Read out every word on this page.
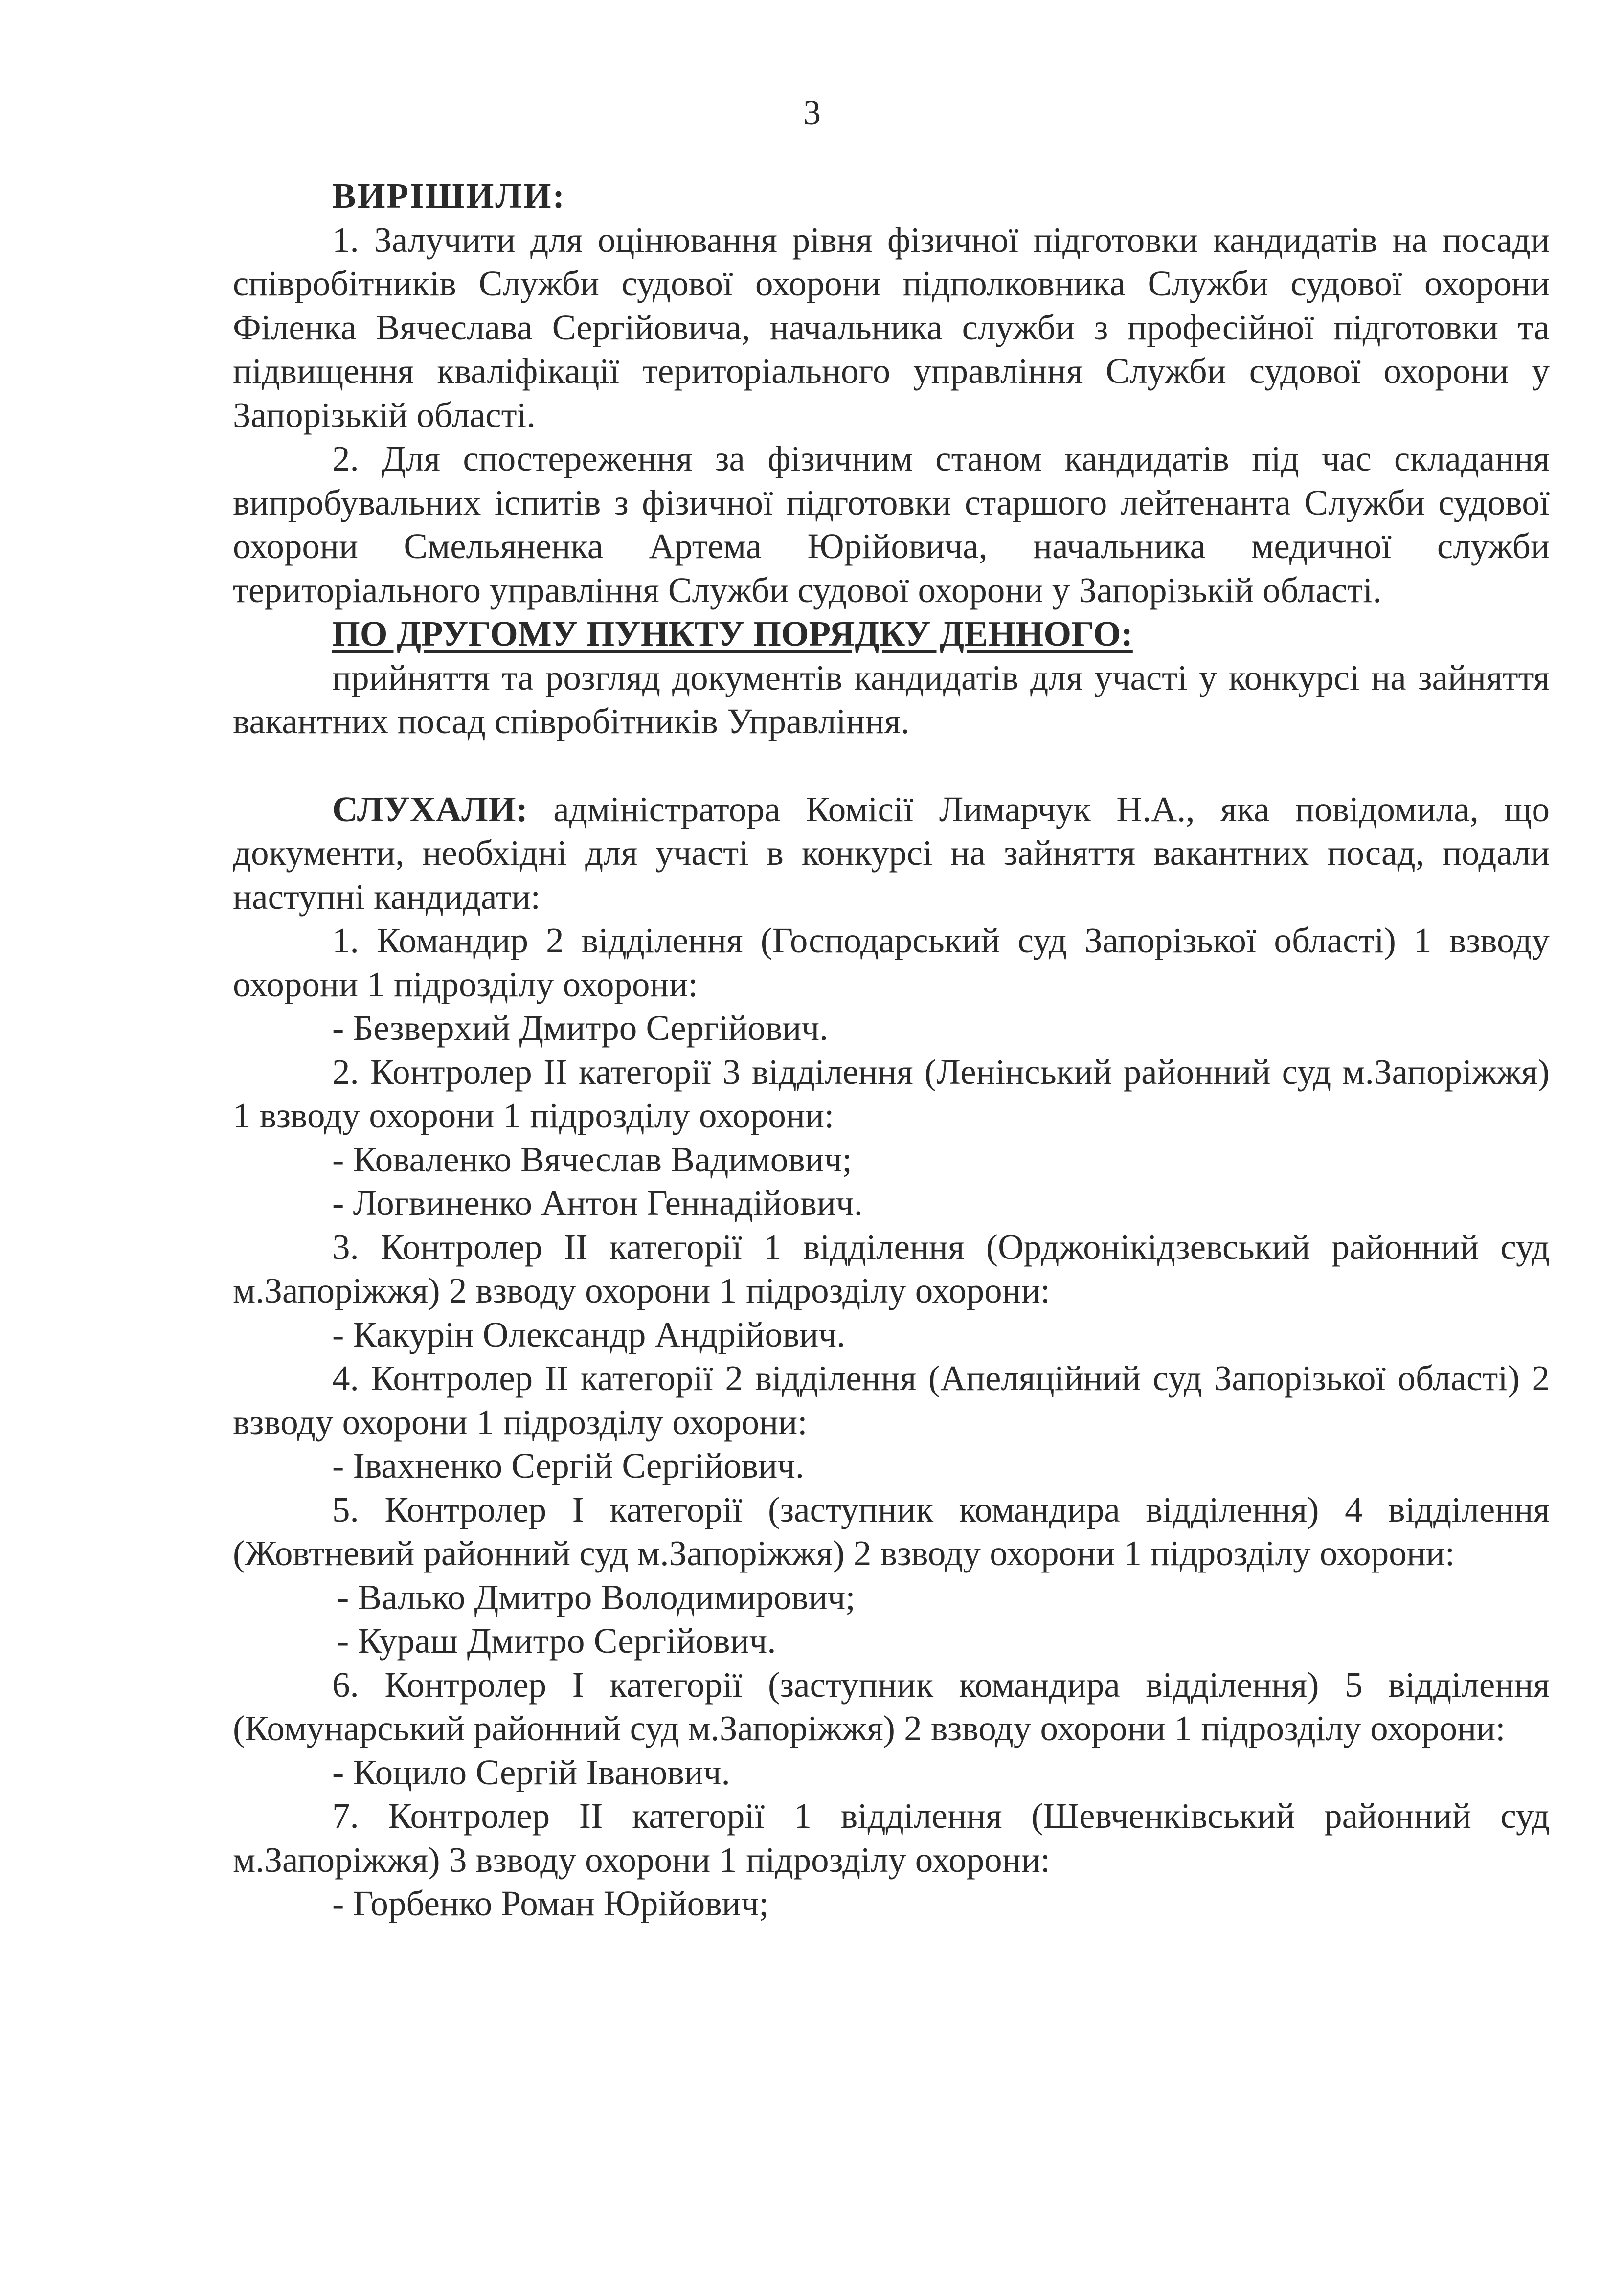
3

ВИРІШИЛИ:

1. Залучити для оцінювання рівня фізичної підготовки кандидатів на посади співробітників Служби судової охорони підполковника Служби судової охорони Філенка Вячеслава Сергійовича, начальника служби з професійної підготовки та підвищення кваліфікації територіального управління Служби судової охорони у Запорізькій області.

2. Для спостереження за фізичним станом кандидатів під час складання випробувальних іспитів з фізичної підготовки старшого лейтенанта Служби судової охорони Смельяненка Артема Юрійовича, начальника медичної служби територіального управління Служби судової охорони у Запорізькій області.

ПО ДРУГОМУ ПУНКТУ ПОРЯДКУ ДЕННОГО:

прийняття та розгляд документів кандидатів для участі у конкурсі на зайняття вакантних посад співробітників Управління.

СЛУХАЛИ: адміністратора Комісії Лимарчук Н.А., яка повідомила, що документи, необхідні для участі в конкурсі на зайняття вакантних посад, подали наступні кандидати:

1. Командир 2 відділення (Господарський суд Запорізької області) 1 взводу охорони 1 підрозділу охорони:

- Безверхий Дмитро Сергійович.

2. Контролер ІІ категорії 3 відділення (Ленінський районний суд м.Запоріжжя) 1 взводу охорони 1 підрозділу охорони:

- Коваленко Вячеслав Вадимович;

- Логвиненко Антон Геннадійович.

3. Контролер ІІ категорії 1 відділення (Орджонікідзевський районний суд м.Запоріжжя) 2 взводу охорони 1 підрозділу охорони:

- Какурін Олександр Андрійович.

4. Контролер ІІ категорії 2 відділення (Апеляційний суд Запорізької області) 2 взводу охорони 1 підрозділу охорони:

- Івахненко Сергій Сергійович.

5. Контролер І категорії (заступник командира відділення) 4 відділення (Жовтневий районний суд м.Запоріжжя) 2 взводу охорони 1 підрозділу охорони:

- Валько Дмитро Володимирович;

- Кураш Дмитро Сергійович.

6. Контролер І категорії (заступник командира відділення) 5 відділення (Комунарський районний суд м.Запоріжжя) 2 взводу охорони 1 підрозділу охорони:

- Коцило Сергій Іванович.

7. Контролер ІІ категорії 1 відділення (Шевченківський районний суд м.Запоріжжя) 3 взводу охорони 1 підрозділу охорони:

- Горбенко Роман Юрійович;
